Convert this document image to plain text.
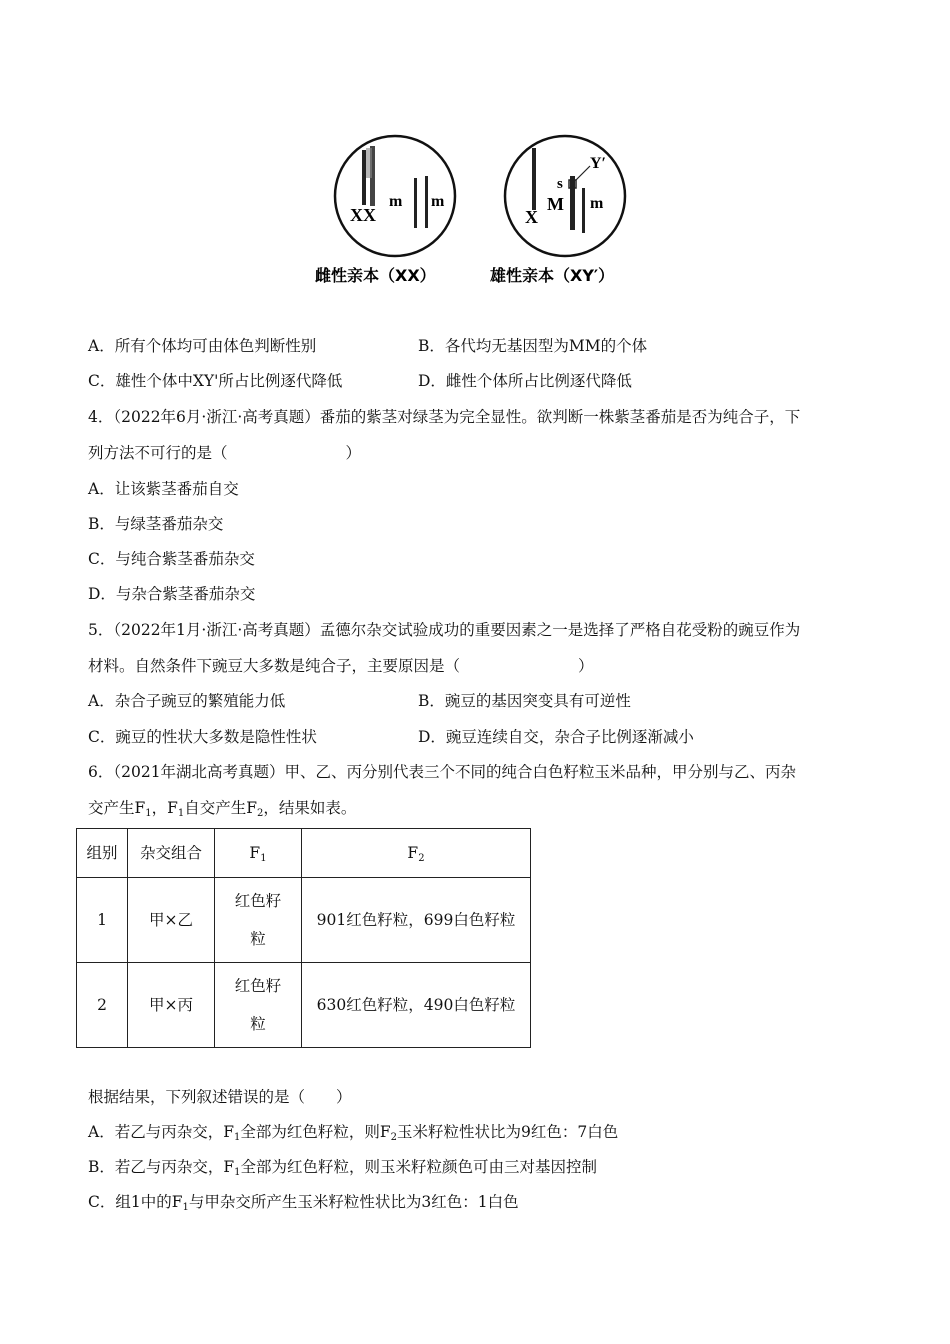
XX
m m
X
s
Y′
M m
雌性亲本（XX）	雄性亲本（XY′）
A．所有个体均可由体色判断性别	B．各代均无基因型为MM的个体
C．雄性个体中XY'所占比例逐代降低	D．雌性个体所占比例逐代降低
4．（2022年6月·浙江·高考真题）番茄的紫茎对绿茎为完全显性。欲判断一株紫茎番茄是否为纯合子，下
列方法不可行的是（	）
A．让该紫茎番茄自交
B．与绿茎番茄杂交
C．与纯合紫茎番茄杂交
D．与杂合紫茎番茄杂交
5．（2022年1月·浙江·高考真题）孟德尔杂交试验成功的重要因素之一是选择了严格自花受粉的豌豆作为
材料。自然条件下豌豆大多数是纯合子，主要原因是（	）
A．杂合子豌豆的繁殖能力低	B．豌豆的基因突变具有可逆性
C．豌豆的性状大多数是隐性性状	D．豌豆连续自交，杂合子比例逐渐减小
6．（2021年湖北高考真题）甲、乙、丙分别代表三个不同的纯合白色籽粒玉米品种，甲分别与乙、丙杂
交产生$F_1$，$F_1$自交产生$F_2$，结果如表。
组别	杂交组合	$F_1$	$F_2$
1	甲×乙	红色籽粒	901红色籽粒，699白色籽粒
2	甲×丙	红色籽粒	630红色籽粒，490白色籽粒
根据结果，下列叙述错误的是（　　）
A．若乙与丙杂交，$F_1$全部为红色籽粒，则$F_2$玉米籽粒性状比为9红色：7白色
B．若乙与丙杂交，$F_1$全部为红色籽粒，则玉米籽粒颜色可由三对基因控制
C．组1中的$F_1$与甲杂交所产生玉米籽粒性状比为3红色：1白色
